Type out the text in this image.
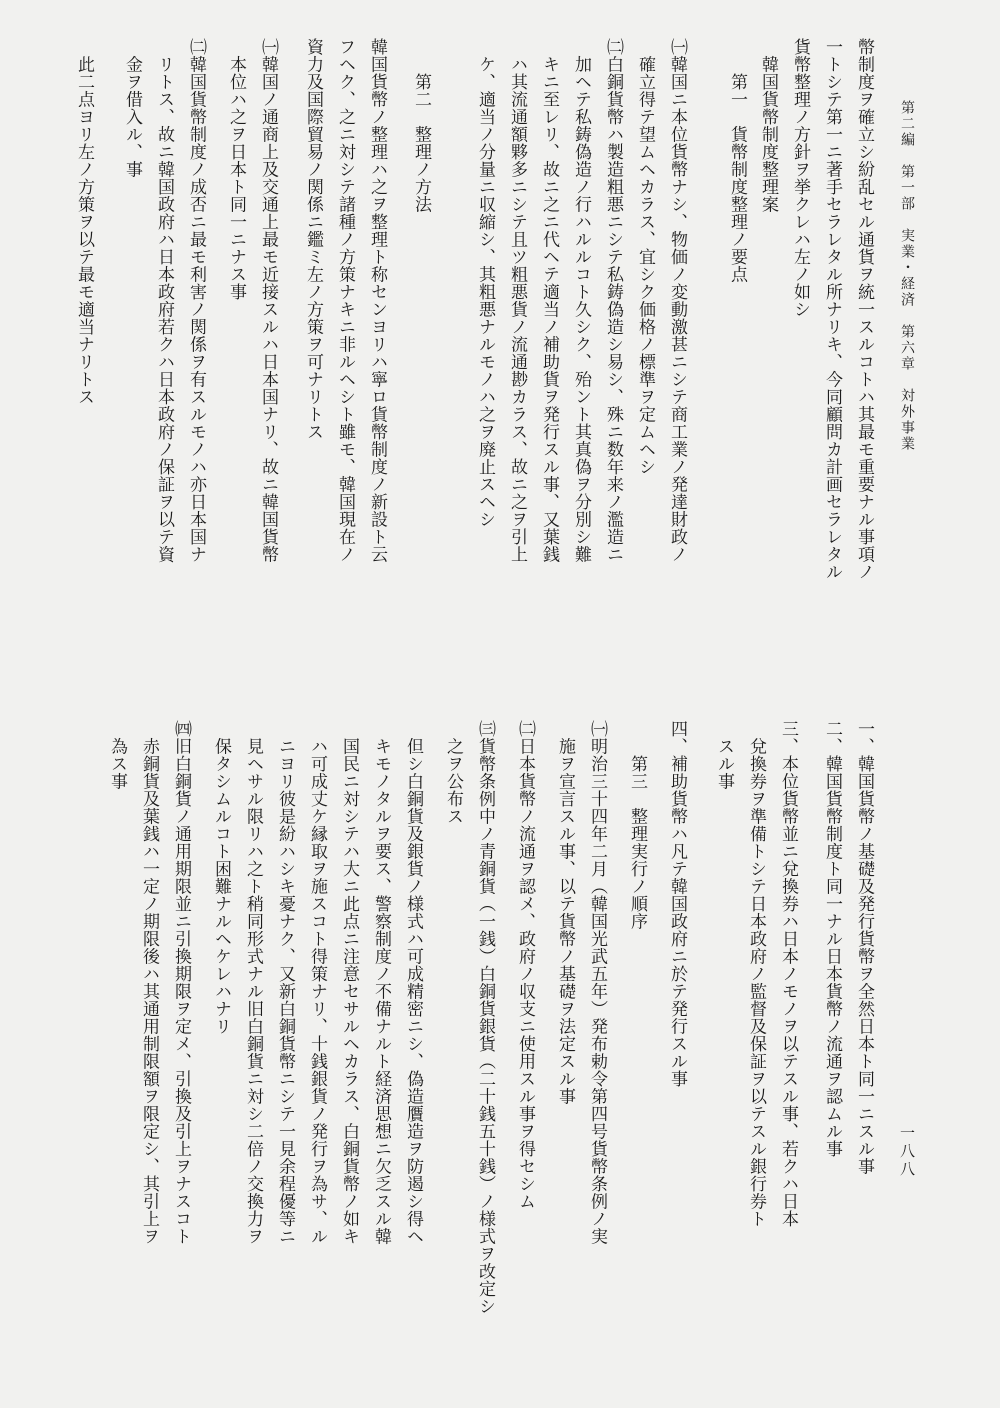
第二編　第一部　実業・経済　第六章　対外事業
一八八
幣制度ヲ確立シ紛乱セル通貨ヲ統一スルコトハ其最モ重要ナル事項ノ
一トシテ第一ニ著手セラレタル所ナリキ、今同顧問カ計画セラレタル
貨幣整理ノ方針ヲ挙クレハ左ノ如シ
　韓国貨幣制度整理案
　　第一　貨幣制度整理ノ要点
㈠韓国ニ本位貨幣ナシ、物価ノ変動激甚ニシテ商工業ノ発達財政ノ
　確立得テ望ムヘカラス、宜シク価格ノ標準ヲ定ムヘシ
㈡白銅貨幣ハ製造粗悪ニシテ私鋳偽造シ易シ、殊ニ数年来ノ濫造ニ
　加ヘテ私鋳偽造ノ行ハルルコト久シク、殆ント其真偽ヲ分別シ難
　キニ至レリ、故ニ之ニ代ヘテ適当ノ補助貨ヲ発行スル事、又葉銭
　ハ其流通額夥多ニシテ且ツ粗悪貨ノ流通尠カラス、故ニ之ヲ引上
　ケ、適当ノ分量ニ収縮シ、其粗悪ナルモノハ之ヲ廃止スヘシ
　　第二　整理ノ方法
韓国貨幣ノ整理ハ之ヲ整理ト称センヨリハ寧ロ貨幣制度ノ新設ト云
フヘク、之ニ対シテ諸種ノ方策ナキニ非ルヘシト雖モ、韓国現在ノ
資力及国際貿易ノ関係ニ鑑ミ左ノ方策ヲ可ナリトス
㈠韓国ノ通商上及交通上最モ近接スルハ日本国ナリ、故ニ韓国貨幣
　本位ハ之ヲ日本ト同一ニナス事
㈡韓国貨幣制度ノ成否ニ最モ利害ノ関係ヲ有スルモノハ亦日本国ナ
　リトス、故ニ韓国政府ハ日本政府若クハ日本政府ノ保証ヲ以テ資
　金ヲ借入ル、事
　此二点ヨリ左ノ方策ヲ以テ最モ適当ナリトス
一、韓国貨幣ノ基礎及発行貨幣ヲ全然日本ト同一ニスル事
二、韓国貨幣制度ト同一ナル日本貨幣ノ流通ヲ認ムル事
三、本位貨幣並ニ兌換券ハ日本ノモノヲ以テスル事、若クハ日本
　兌換券ヲ準備トシテ日本政府ノ監督及保証ヲ以テスル銀行券ト
　スル事
四、補助貨幣ハ凡テ韓国政府ニ於テ発行スル事
　　第三　整理実行ノ順序
㈠明治三十四年二月（韓国光武五年）発布勅令第四号貨幣条例ノ実
　施ヲ宣言スル事、以テ貨幣ノ基礎ヲ法定スル事
㈡日本貨幣ノ流通ヲ認メ、政府ノ収支ニ使用スル事ヲ得セシム
㈢貨幣条例中ノ青銅貨（一銭）白銅貨銀貨（二十銭五十銭）ノ様式ヲ改定シ
　之ヲ公布ス
　但シ白銅貨及銀貨ノ様式ハ可成精密ニシ、偽造贋造ヲ防遏シ得ヘ
　キモノタルヲ要ス、警察制度ノ不備ナルト経済思想ニ欠乏スル韓
　国民ニ対シテハ大ニ此点ニ注意セサルヘカラス、白銅貨幣ノ如キ
　ハ可成丈ケ縁取ヲ施スコト得策ナリ、十銭銀貨ノ発行ヲ為サ、ル
　ニヨリ彼是紛ハシキ憂ナク、又新白銅貨幣ニシテ一見余程優等ニ
　見ヘサル限リハ之ト稍同形式ナル旧白銅貨ニ対シ二倍ノ交換力ヲ
　保タシムルコト困難ナルヘケレハナリ
㈣旧白銅貨ノ通用期限並ニ引換期限ヲ定メ、引換及引上ヲナスコト
　赤銅貨及葉銭ハ一定ノ期限後ハ其通用制限額ヲ限定シ、其引上ヲ
　為ス事
